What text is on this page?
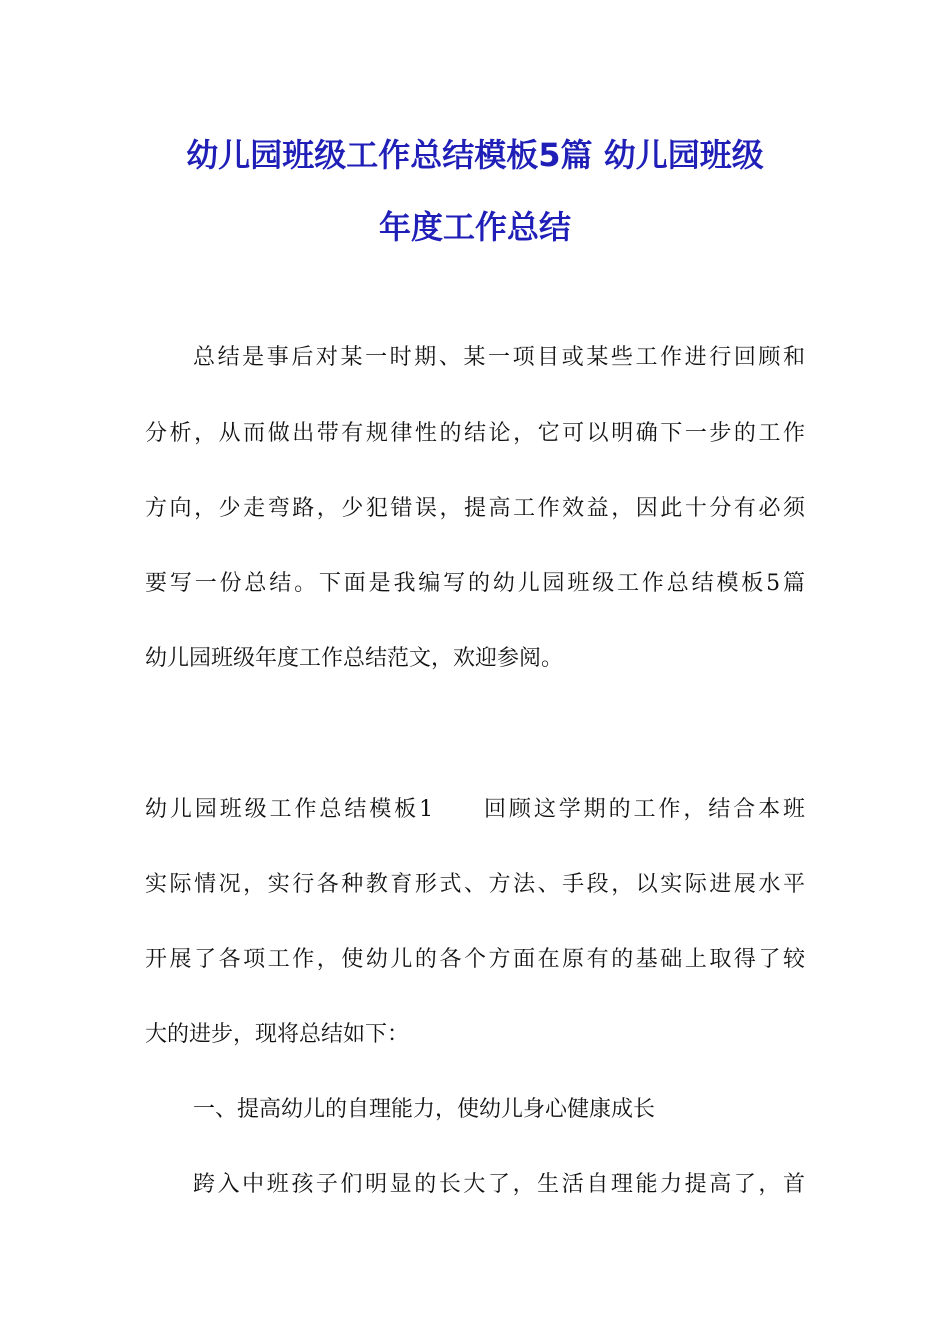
幼儿园班级工作总结模板5篇 幼儿园班级
年度工作总结
总结是事后对某一时期、某一项目或某些工作进行回顾和
分析，从而做出带有规律性的结论，它可以明确下一步的工作
方向，少走弯路，少犯错误，提高工作效益，因此十分有必须
要写一份总结。下面是我编写的幼儿园班级工作总结模板5篇
幼儿园班级年度工作总结范文，欢迎参阅。
幼儿园班级工作总结模板1 回顾这学期的工作，结合本班
实际情况，实行各种教育形式、方法、手段，以实际进展水平
开展了各项工作，使幼儿的各个方面在原有的基础上取得了较
大的进步，现将总结如下：
一、提高幼儿的自理能力，使幼儿身心健康成长
跨入中班孩子们明显的长大了，生活自理能力提高了，首
